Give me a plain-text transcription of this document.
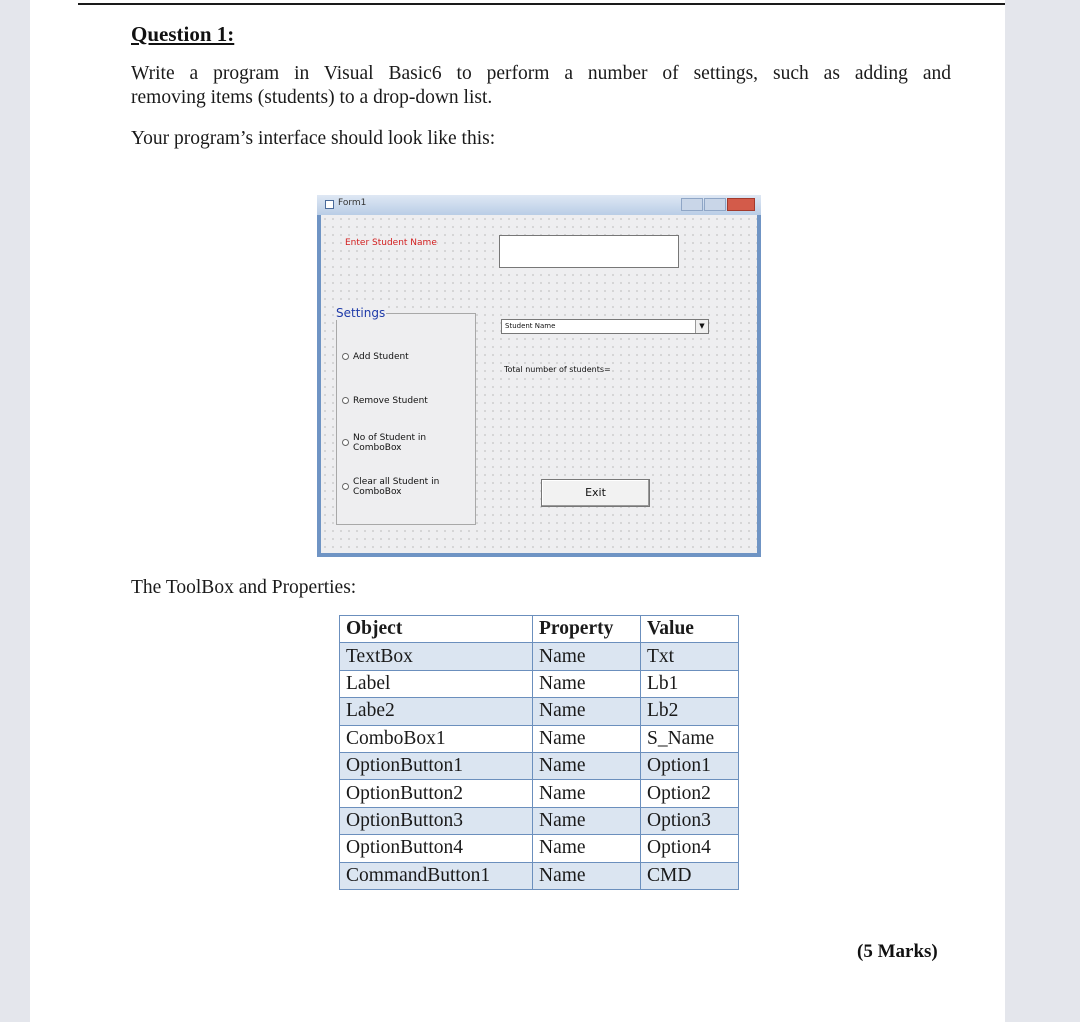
Question 1:

Write a program in Visual Basic6 to perform a number of settings, such as adding and
removing items (students) to a drop-down list.

Your program’s interface should look like this:

Form1
Enter Student Name
Settings
Add Student
Remove Student
No of Student in
ComboBox
Clear all Student in
ComboBox
Student Name	▼
Total number of students=
Exit

The ToolBox and Properties:

Object	Property	Value
TextBox	Name	Txt
Label	Name	Lb1
Labe2	Name	Lb2
ComboBox1	Name	S_Name
OptionButton1	Name	Option1
OptionButton2	Name	Option2
OptionButton3	Name	Option3
OptionButton4	Name	Option4
CommandButton1	Name	CMD
(5 Marks)
